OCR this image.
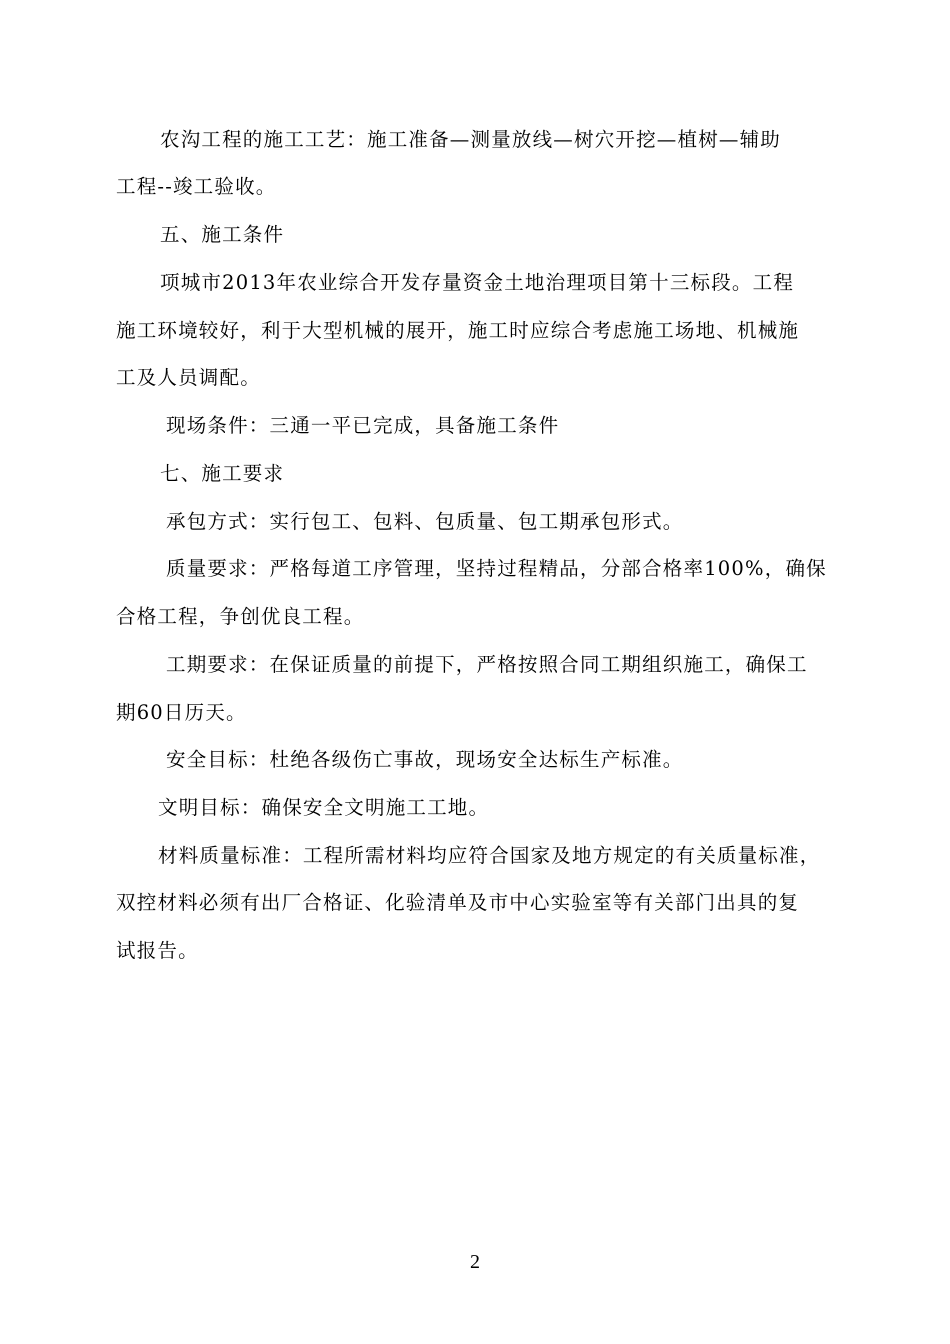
农沟工程的施工工艺：施工准备—测量放线—树穴开挖—植树—辅助
工程--竣工验收。
五、施工条件
项城市2013年农业综合开发存量资金土地治理项目第十三标段。工程
施工环境较好，利于大型机械的展开，施工时应综合考虑施工场地、机械施
工及人员调配。
现场条件：三通一平已完成，具备施工条件
七、施工要求
承包方式：实行包工、包料、包质量、包工期承包形式。
质量要求：严格每道工序管理，坚持过程精品，分部合格率100%，确保
合格工程，争创优良工程。
工期要求：在保证质量的前提下，严格按照合同工期组织施工，确保工
期60日历天。
安全目标：杜绝各级伤亡事故，现场安全达标生产标准。
文明目标：确保安全文明施工工地。
材料质量标准：工程所需材料均应符合国家及地方规定的有关质量标准，
双控材料必须有出厂合格证、化验清单及市中心实验室等有关部门出具的复
试报告。
2
